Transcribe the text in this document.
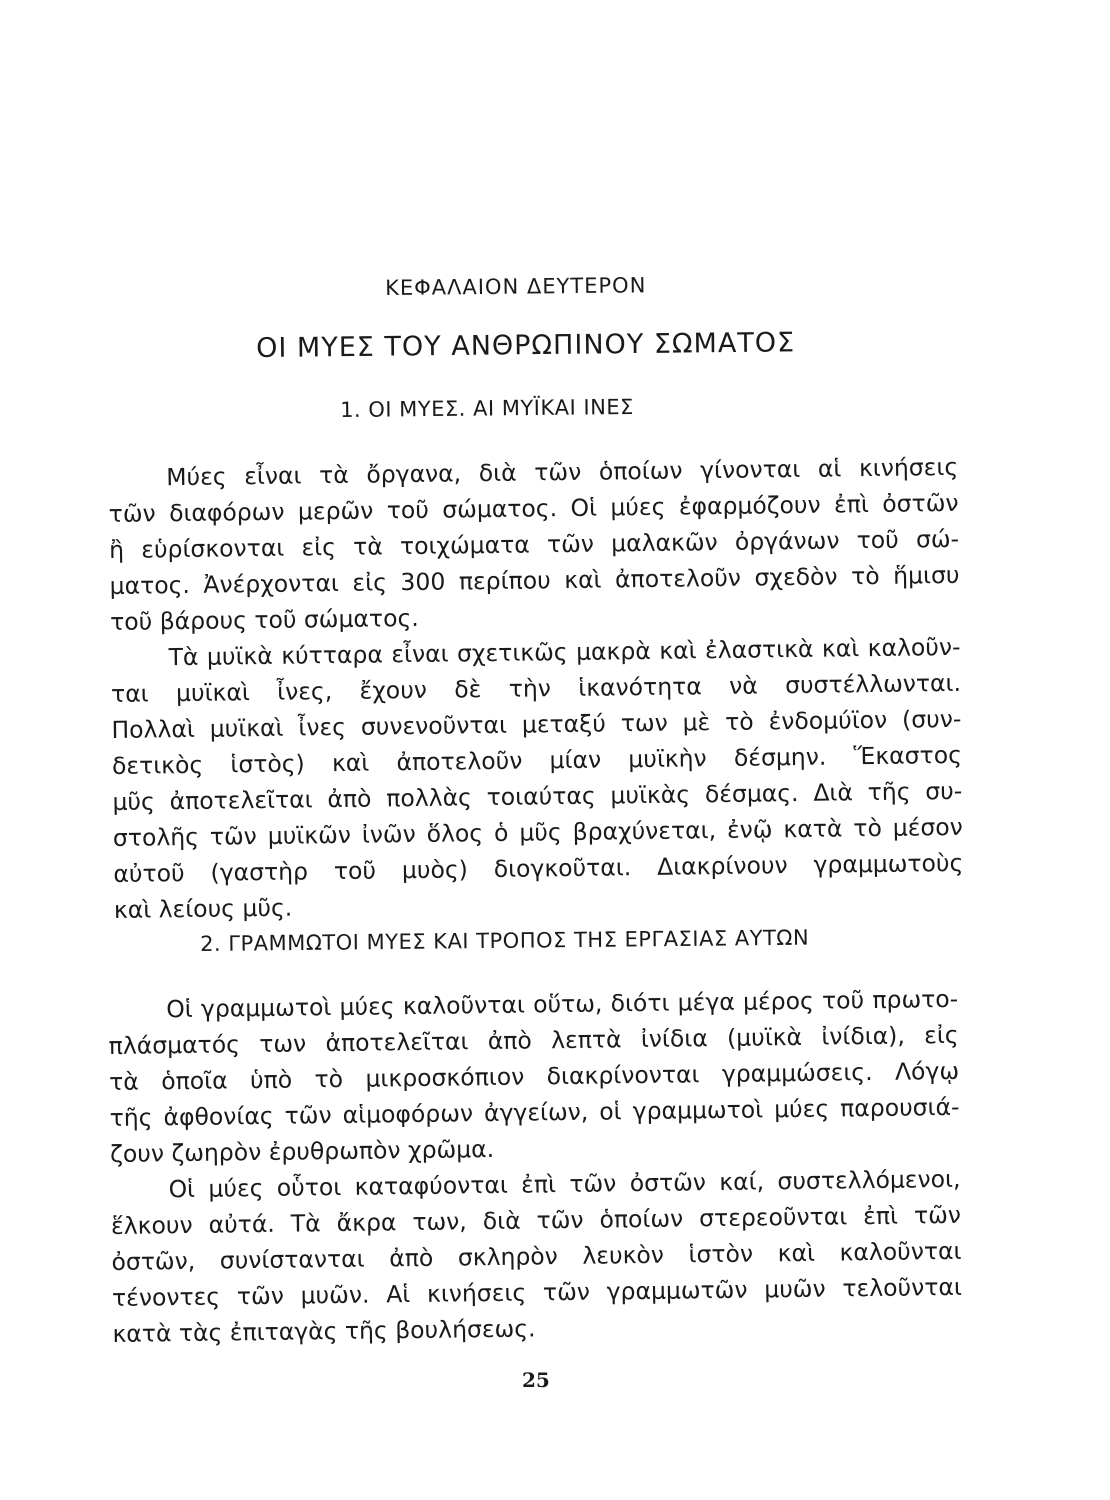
ΚΕΦΑΛΑΙΟΝ ΔΕΥΤΕΡΟΝ
ΟΙ ΜΥΕΣ ΤΟΥ ΑΝΘΡΩΠΙΝΟΥ ΣΩΜΑΤΟΣ
1. ΟΙ ΜΥΕΣ. ΑΙ ΜΥΪΚΑΙ ΙΝΕΣ
Μύες εἶναι τὰ ὄργανα, διὰ τῶν ὁποίων γίνονται αἱ κινήσεις
τῶν διαφόρων μερῶν τοῦ σώματος. Οἱ μύες ἐφαρμόζουν ἐπὶ ὀστῶν
ἢ εὑρίσκονται εἰς τὰ τοιχώματα τῶν μαλακῶν ὀργάνων τοῦ σώ-
ματος. Ἀνέρχονται εἰς 300 περίπου καὶ ἀποτελοῦν σχεδὸν τὸ ἥμισυ
τοῦ βάρους τοῦ σώματος.
Τὰ μυϊκὰ κύτταρα εἶναι σχετικῶς μακρὰ καὶ ἐλαστικὰ καὶ καλοῦν-
ται μυϊκαὶ ἶνες, ἔχουν δὲ τὴν ἱκανότητα νὰ συστέλλωνται.
Πολλαὶ μυϊκαὶ ἶνες συνενοῦνται μεταξύ των μὲ τὸ ἐνδομύϊον (συν-
δετικὸς ἱστὸς) καὶ ἀποτελοῦν μίαν μυϊκὴν δέσμην. Ἕκαστος
μῦς ἀποτελεῖται ἀπὸ πολλὰς τοιαύτας μυϊκὰς δέσμας. Διὰ τῆς συ-
στολῆς τῶν μυϊκῶν ἰνῶν ὅλος ὁ μῦς βραχύνεται, ἐνῷ κατὰ τὸ μέσον
αὐτοῦ (γαστὴρ τοῦ μυὸς) διογκοῦται. Διακρίνουν γραμμωτοὺς
καὶ λείους μῦς.
2. ΓΡΑΜΜΩΤΟΙ ΜΥΕΣ ΚΑΙ ΤΡΟΠΟΣ ΤΗΣ ΕΡΓΑΣΙΑΣ ΑΥΤΩΝ
Οἱ γραμμωτοὶ μύες καλοῦνται οὕτω, διότι μέγα μέρος τοῦ πρωτο-
πλάσματός των ἀποτελεῖται ἀπὸ λεπτὰ ἰνίδια (μυϊκὰ ἰνίδια), εἰς
τὰ ὁποῖα ὑπὸ τὸ μικροσκόπιον διακρίνονται γραμμώσεις. Λόγῳ
τῆς ἀφθονίας τῶν αἱμοφόρων ἀγγείων, οἱ γραμμωτοὶ μύες παρουσιά-
ζουν ζωηρὸν ἐρυθρωπὸν χρῶμα.
Οἱ μύες οὗτοι καταφύονται ἐπὶ τῶν ὀστῶν καί, συστελλόμενοι,
ἕλκουν αὐτά. Τὰ ἄκρα των, διὰ τῶν ὁποίων στερεοῦνται ἐπὶ τῶν
ὀστῶν, συνίστανται ἀπὸ σκληρὸν λευκὸν ἱστὸν καὶ καλοῦνται
τένοντες τῶν μυῶν. Αἱ κινήσεις τῶν γραμμωτῶν μυῶν τελοῦνται
κατὰ τὰς ἐπιταγὰς τῆς βουλήσεως.
25
